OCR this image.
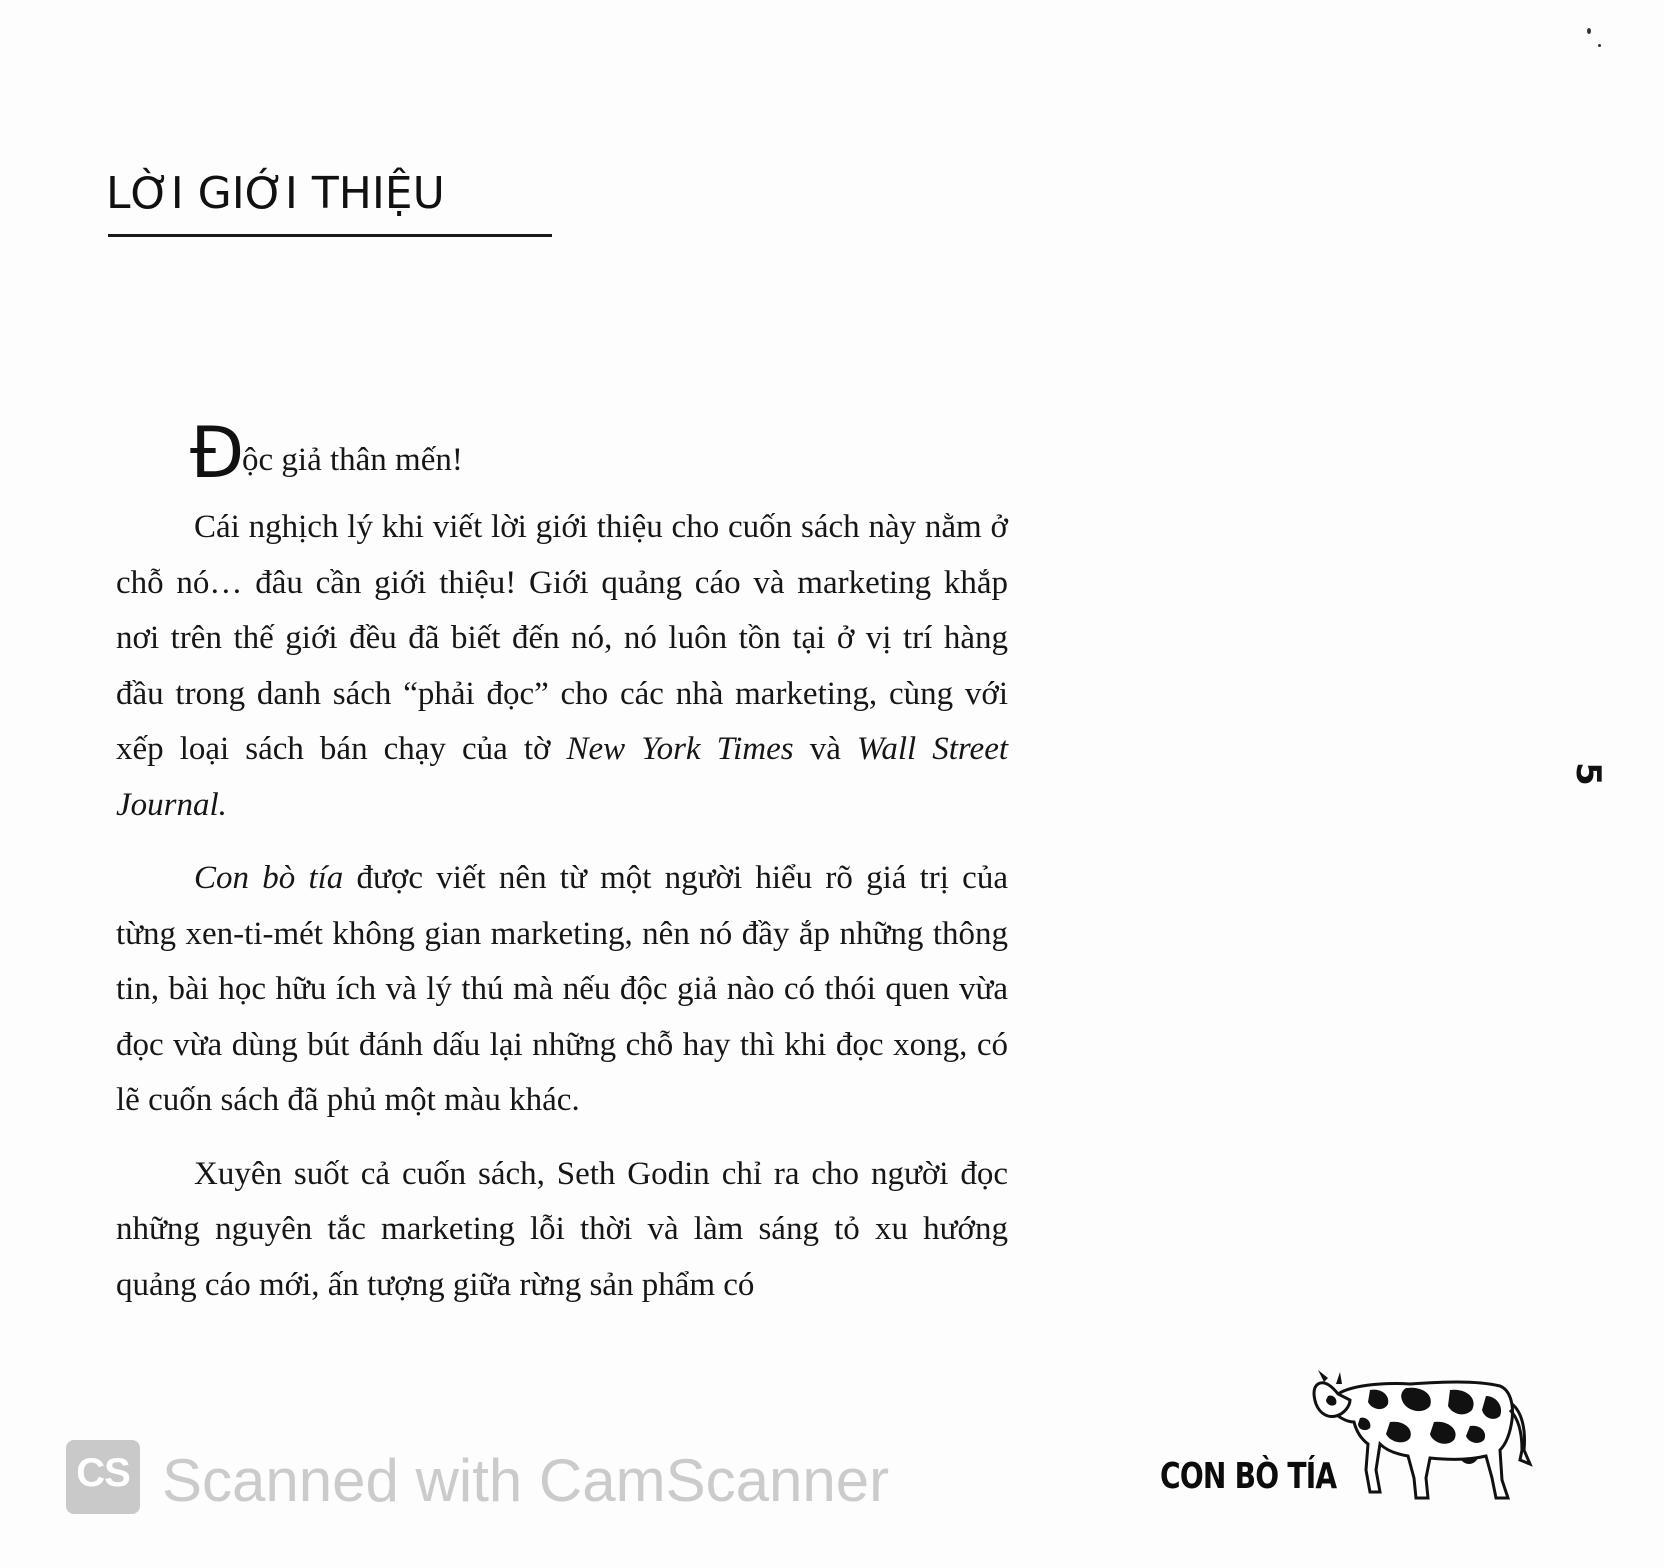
LỜI GIỚI THIỆU
Đ
ộc giả thân mến!

Cái nghịch lý khi viết lời giới thiệu cho cuốn sách này nằm ở chỗ nó… đâu cần giới thiệu! Giới quảng cáo và marketing khắp nơi trên thế giới đều đã biết đến nó, nó luôn tồn tại ở vị trí hàng đầu trong danh sách “phải đọc” cho các nhà marketing, cùng với xếp loại sách bán chạy của tờ New York Times và Wall Street Journal.

Con bò tía được viết nên từ một người hiểu rõ giá trị của từng xen-ti-mét không gian marketing, nên nó đầy ắp những thông tin, bài học hữu ích và lý thú mà nếu độc giả nào có thói quen vừa đọc vừa dùng bút đánh dấu lại những chỗ hay thì khi đọc xong, có lẽ cuốn sách đã phủ một màu khác.

Xuyên suốt cả cuốn sách, Seth Godin chỉ ra cho người đọc những nguyên tắc marketing lỗi thời và làm sáng tỏ xu hướng quảng cáo mới, ấn tượng giữa rừng sản phẩm có

5
CON BÒ TÍA
CS Scanned with CamScanner
